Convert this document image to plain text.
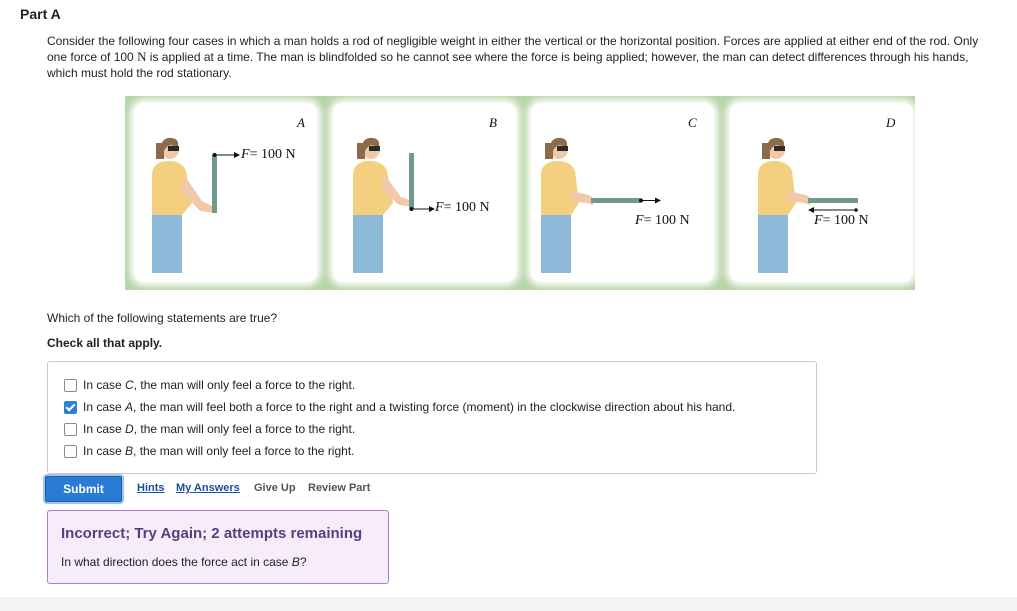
Part A
Consider the following four cases in which a man holds a rod of negligible weight in either the vertical or the horizontal position. Forces are applied at either end of the rod. Only one force of 100 N is applied at a time. The man is blindfolded so he cannot see where the force is being applied; however, the man can detect differences through his hands, which must hold the rod stationary.
A
F= 100 N
B
F= 100 N
C
F= 100 N
D
F= 100 N
Which of the following statements are true?
Check all that apply.
In case C, the man will only feel a force to the right.
In case A, the man will feel both a force to the right and a twisting force (moment) in the clockwise direction about his hand.
In case D, the man will only feel a force to the right.
In case B, the man will only feel a force to the right.
Submit	Hints My Answers Give Up Review Part
Incorrect; Try Again; 2 attempts remaining
In what direction does the force act in case B?
